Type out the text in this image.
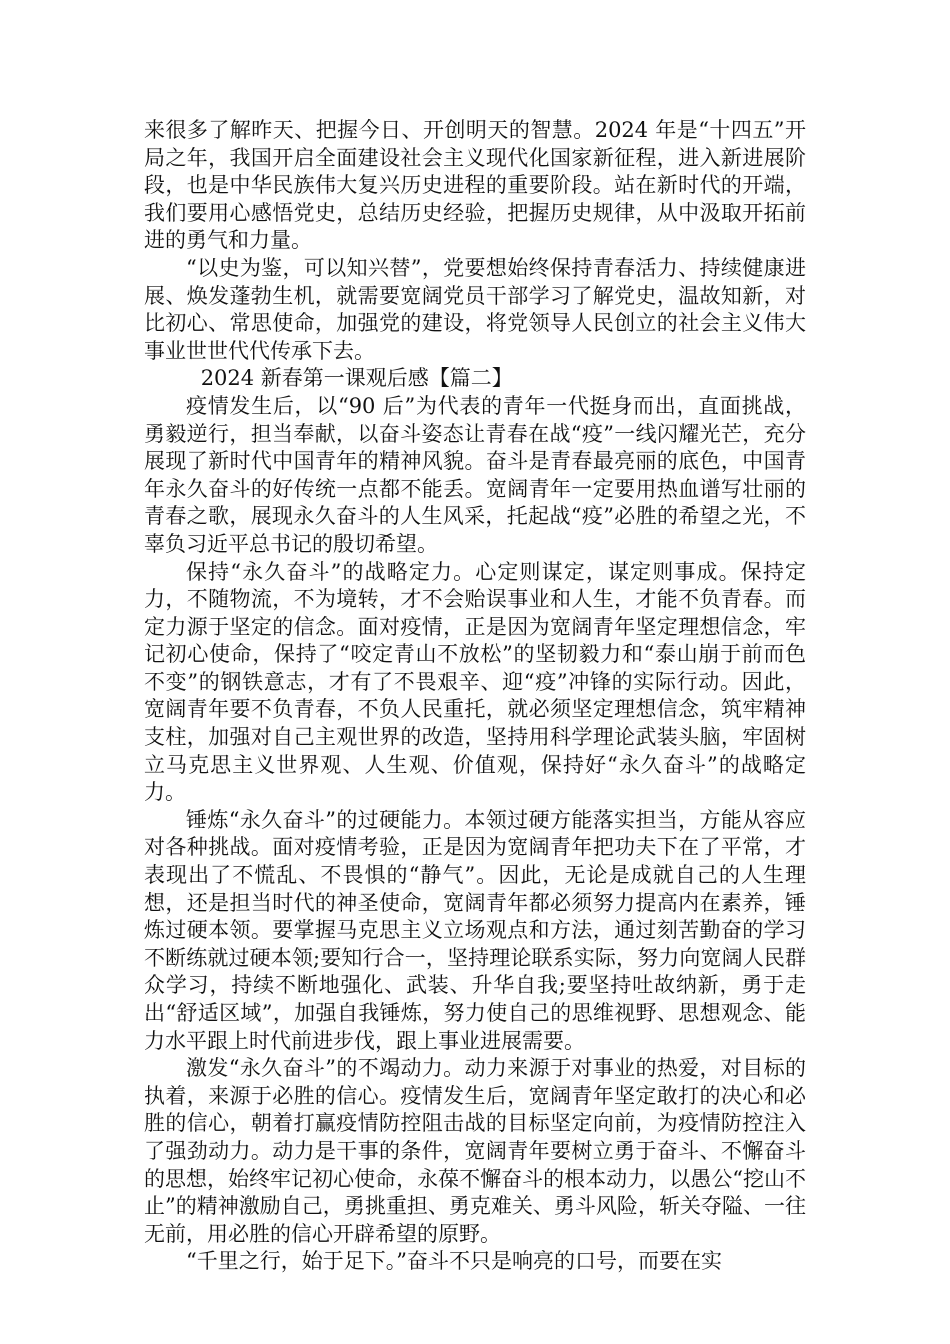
来很多了解昨天、把握今日、开创明天的智慧。2024 年是“十四五”开局之年，我国开启全面建设社会主义现代化国家新征程，进入新进展阶段，也是中华民族伟大复兴历史进程的重要阶段。站在新时代的开端，我们要用心感悟党史，总结历史经验，把握历史规律，从中汲取开拓前进的勇气和力量。

“以史为鉴，可以知兴替”，党要想始终保持青春活力、持续健康进展、焕发蓬勃生机，就需要宽阔党员干部学习了解党史，温故知新，对比初心、常思使命，加强党的建设，将党领导人民创立的社会主义伟大事业世世代代传承下去。

2024 新春第一课观后感【篇二】

疫情发生后，以“90 后”为代表的青年一代挺身而出，直面挑战，勇毅逆行，担当奉献，以奋斗姿态让青春在战“疫”一线闪耀光芒，充分展现了新时代中国青年的精神风貌。奋斗是青春最亮丽的底色，中国青年永久奋斗的好传统一点都不能丢。宽阔青年一定要用热血谱写壮丽的青春之歌，展现永久奋斗的人生风采，托起战“疫”必胜的希望之光，不辜负习近平总书记的殷切希望。

保持“永久奋斗”的战略定力。心定则谋定，谋定则事成。保持定力，不随物流，不为境转，才不会贻误事业和人生，才能不负青春。而定力源于坚定的信念。面对疫情，正是因为宽阔青年坚定理想信念，牢记初心使命，保持了“咬定青山不放松”的坚韧毅力和“泰山崩于前而色不变”的钢铁意志，才有了不畏艰辛、迎“疫”冲锋的实际行动。因此，宽阔青年要不负青春，不负人民重托，就必须坚定理想信念，筑牢精神支柱，加强对自己主观世界的改造，坚持用科学理论武装头脑，牢固树立马克思主义世界观、人生观、价值观，保持好“永久奋斗”的战略定力。

锤炼“永久奋斗”的过硬能力。本领过硬方能落实担当，方能从容应对各种挑战。面对疫情考验，正是因为宽阔青年把功夫下在了平常，才表现出了不慌乱、不畏惧的“静气”。因此，无论是成就自己的人生理想，还是担当时代的神圣使命，宽阔青年都必须努力提高内在素养，锤炼过硬本领。要掌握马克思主义立场观点和方法，通过刻苦勤奋的学习不断练就过硬本领;要知行合一，坚持理论联系实际，努力向宽阔人民群众学习，持续不断地强化、武装、升华自我;要坚持吐故纳新，勇于走出“舒适区域”，加强自我锤炼，努力使自己的思维视野、思想观念、能力水平跟上时代前进步伐，跟上事业进展需要。

激发“永久奋斗”的不竭动力。动力来源于对事业的热爱，对目标的执着，来源于必胜的信心。疫情发生后，宽阔青年坚定敢打的决心和必胜的信心，朝着打赢疫情防控阻击战的目标坚定向前，为疫情防控注入了强劲动力。动力是干事的条件，宽阔青年要树立勇于奋斗、不懈奋斗的思想，始终牢记初心使命，永葆不懈奋斗的根本动力，以愚公“挖山不止”的精神激励自己，勇挑重担、勇克难关、勇斗风险，斩关夺隘、一往无前，用必胜的信心开辟希望的原野。

“千里之行，始于足下。”奋斗不只是响亮的口号，而要在实
